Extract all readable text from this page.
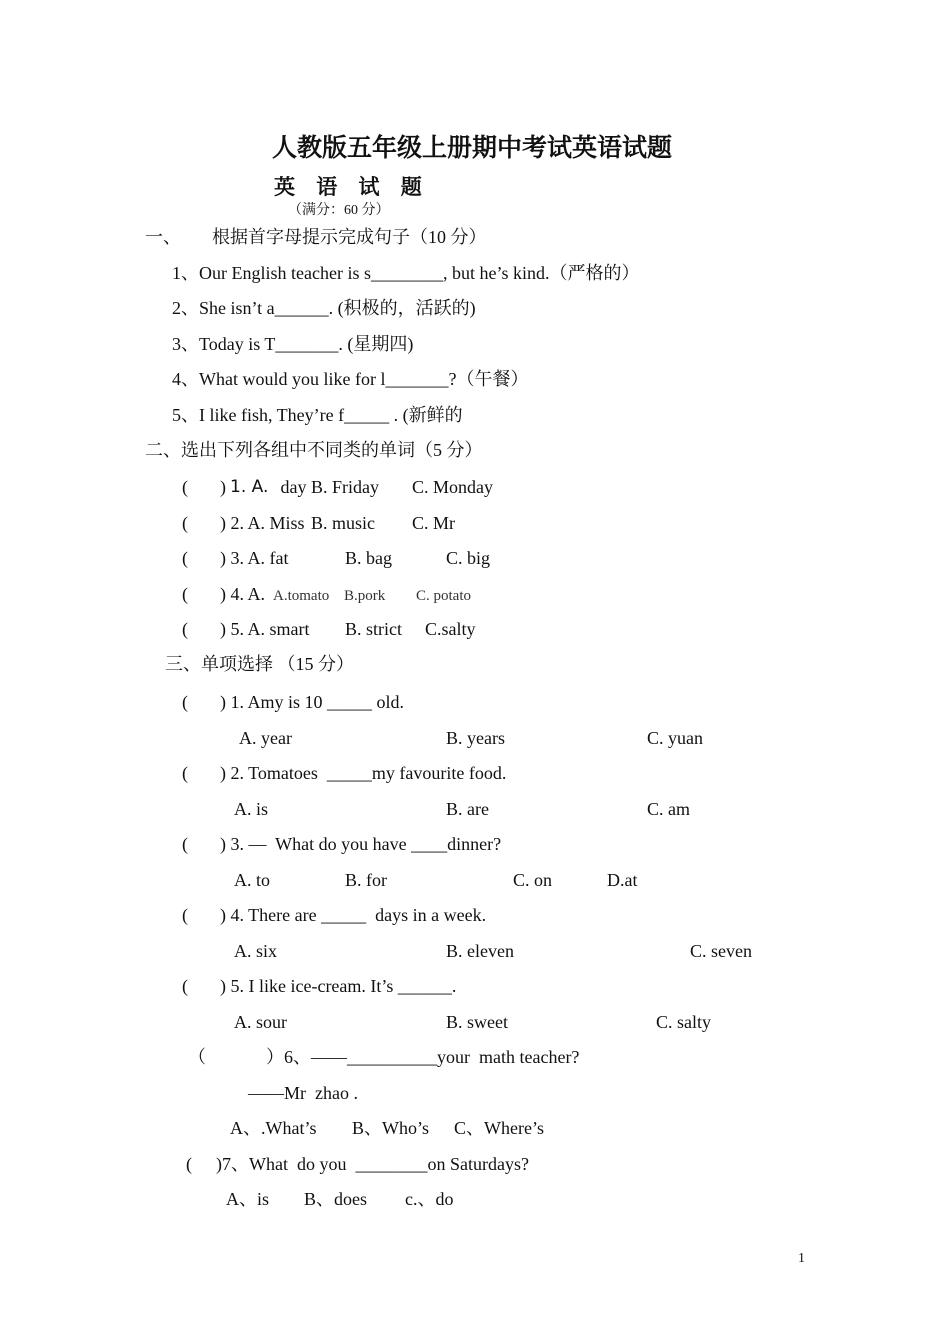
人教版五年级上册期中考试英语试题
英 语 试 题
（满分：60 分）
一、 根据首字母提示完成句子（10 分）
1、Our English teacher is s________, but he’s kind.（严格的）
2、She isn’t a______. (积极的，活跃的)
3、Today is T_______. (星期四)
4、What would you like for l_______?（午餐）
5、I like fish, They’re f_____ . (新鲜的
二、选出下列各组中不同类的单词（5 分）
( ) 1. A. day B. Friday C. Monday
( ) 2. A. Miss B. music C. Mr
( ) 3. A. fat	B. bag	C. big
( ) 4. A. A.tomato B.pork C. potato
( ) 5. A. smart B. strict C.salty
三、单项选择 （15 分）
( ) 1. Amy is 10 _____ old.
A. year	B. years	C. yuan
( ) 2. Tomatoes  _____my favourite food.
A. is	B. are	C. am
( ) 3. —  What do you have ____dinner?
A. to	B. for	C. on	D.at
( ) 4. There are _____  days in a week.
A. six	B. eleven	C. seven
( ) 5. I like ice-cream. It’s ______.
A. sour	B. sweet	C. salty
（	）6、——__________your  math teacher?
——Mr  zhao .
A、.What’s B、Who’s C、Where’s
( )7、What  do you  ________on Saturdays?
A、is B、does c.、do
1
